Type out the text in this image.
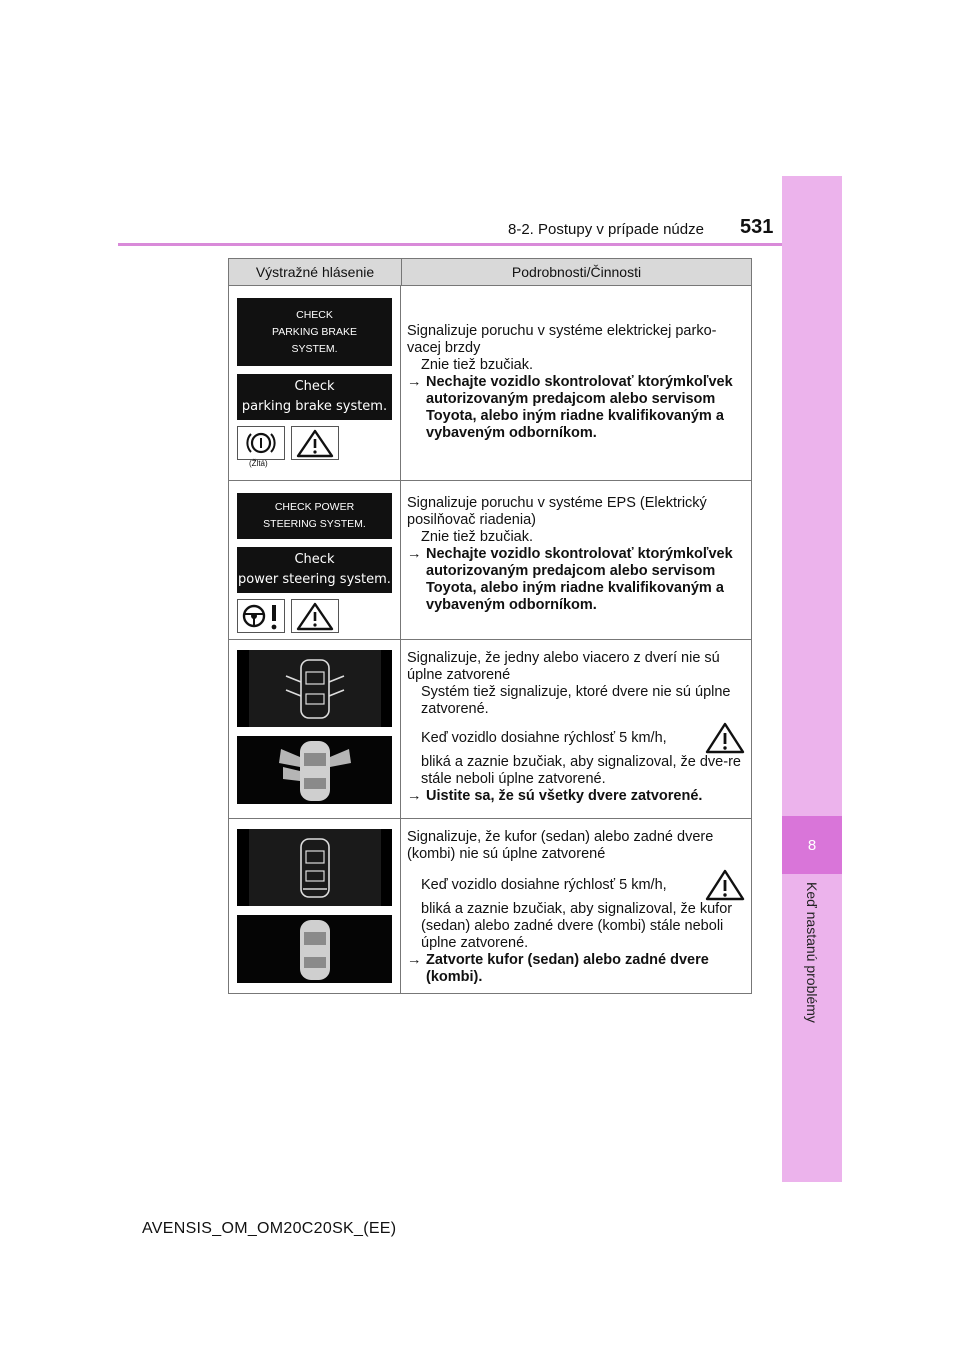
8-2. Postupy v prípade núdze 531
8
Keď nastanú problémy
Výstražné hlásenie	Podrobnosti/Činnosti
CHECK
PARKING BRAKE
SYSTEM.
Check
parking brake system.
(Žltá)

Signalizuje poruchu v systéme elektrickej parko-

vacej brzdy

Znie tiež bzučiak.

→ Nechajte vozidlo skontrolovať ktorýmkoľvek autorizovaným predajcom alebo servisom Toyota, alebo iným riadne kvalifikovaným a vybaveným odborníkom.
CHECK POWER
STEERING SYSTEM.
Check
power steering system.

Signalizuje poruchu v systéme EPS (Elektrický

posilňovač riadenia)

Znie tiež bzučiak.

→ Nechajte vozidlo skontrolovať ktorýmkoľvek autorizovaným predajcom alebo servisom Toyota, alebo iným riadne kvalifikovaným a vybaveným odborníkom.

Signalizuje, že jedny alebo viacero z dverí nie sú

úplne zatvorené

Systém tiež signalizuje, ktoré dvere nie sú úplne zatvorené.

Keď vozidlo dosiahne rýchlosť 5 km/h,

bliká a zaznie bzučiak, aby signalizoval, že dve-re stále neboli úplne zatvorené.

→ Uistite sa, že sú všetky dvere zatvorené.

Signalizuje, že kufor (sedan) alebo zadné dvere

(kombi) nie sú úplne zatvorené

Keď vozidlo dosiahne rýchlosť 5 km/h,

bliká a zaznie bzučiak, aby signalizoval, že kufor (sedan) alebo zadné dvere (kombi) stále neboli úplne zatvorené.

→ Zatvorte kufor (sedan) alebo zadné dvere (kombi).
AVENSIS_OM_OM20C20SK_(EE)
